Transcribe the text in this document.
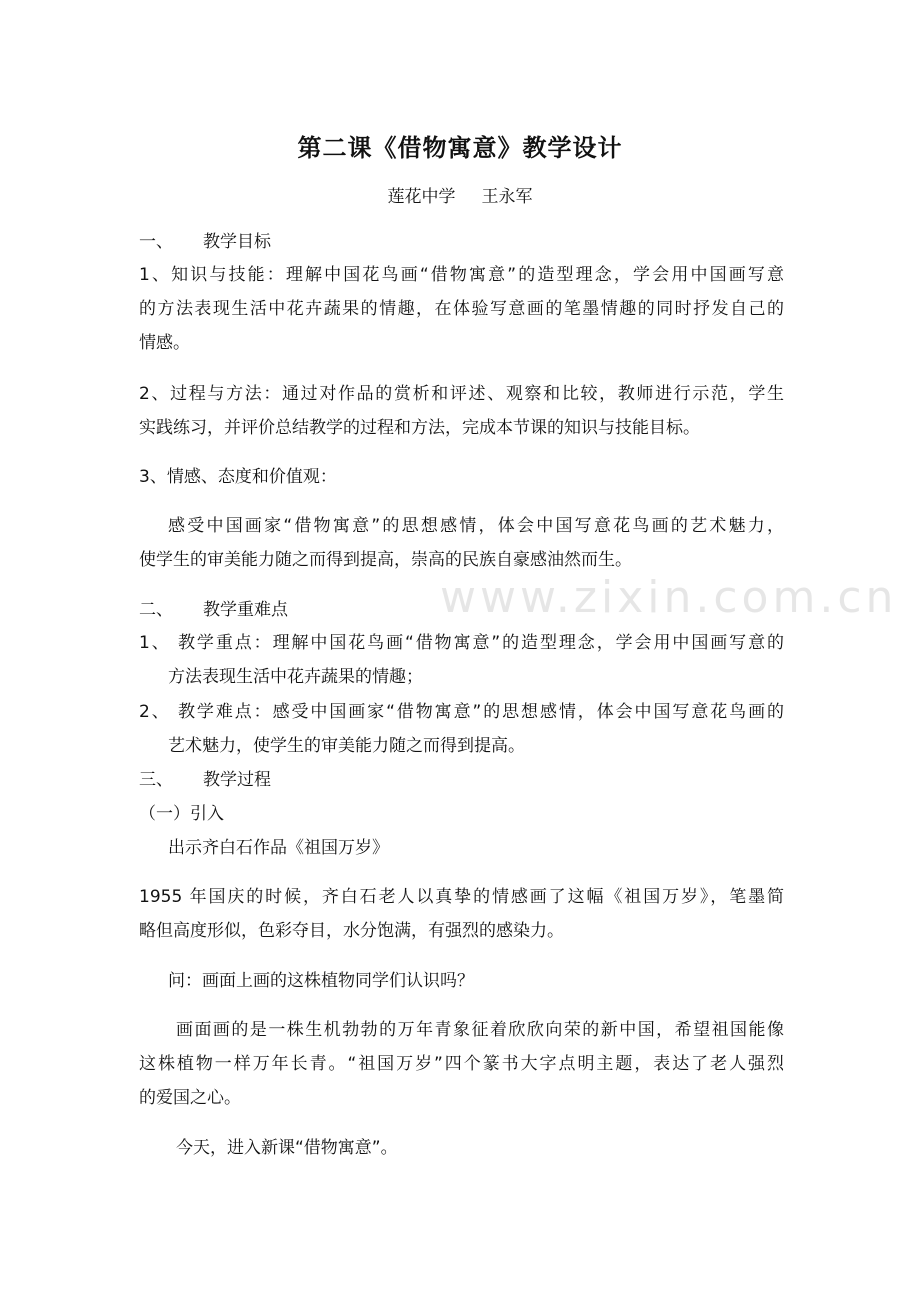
www.zixin.com.cn
第二课《借物寓意》教学设计
莲花中学 王永军
一、 教学目标
1、知识与技能：理解中国花鸟画“借物寓意”的造型理念，学会用中国画写意
的方法表现生活中花卉蔬果的情趣，在体验写意画的笔墨情趣的同时抒发自己的
情感。
2、过程与方法：通过对作品的赏析和评述、观察和比较，教师进行示范，学生
实践练习，并评价总结教学的过程和方法，完成本节课的知识与技能目标。
3、情感、态度和价值观：
感受中国画家“借物寓意”的思想感情，体会中国写意花鸟画的艺术魅力，
使学生的审美能力随之而得到提高，崇高的民族自豪感油然而生。
二、 教学重难点
1、 教学重点：理解中国花鸟画“借物寓意”的造型理念，学会用中国画写意的
方法表现生活中花卉蔬果的情趣；
2、 教学难点：感受中国画家“借物寓意”的思想感情，体会中国写意花鸟画的
艺术魅力，使学生的审美能力随之而得到提高。
三、 教学过程
（一）引入
出示齐白石作品《祖国万岁》
1955 年国庆的时候，齐白石老人以真挚的情感画了这幅《祖国万岁》，笔墨简
略但高度形似，色彩夺目，水分饱满，有强烈的感染力。
问：画面上画的这株植物同学们认识吗？
画面画的是一株生机勃勃的万年青象征着欣欣向荣的新中国，希望祖国能像
这株植物一样万年长青。“祖国万岁”四个篆书大字点明主题，表达了老人强烈
的爱国之心。
今天，进入新课“借物寓意”。
